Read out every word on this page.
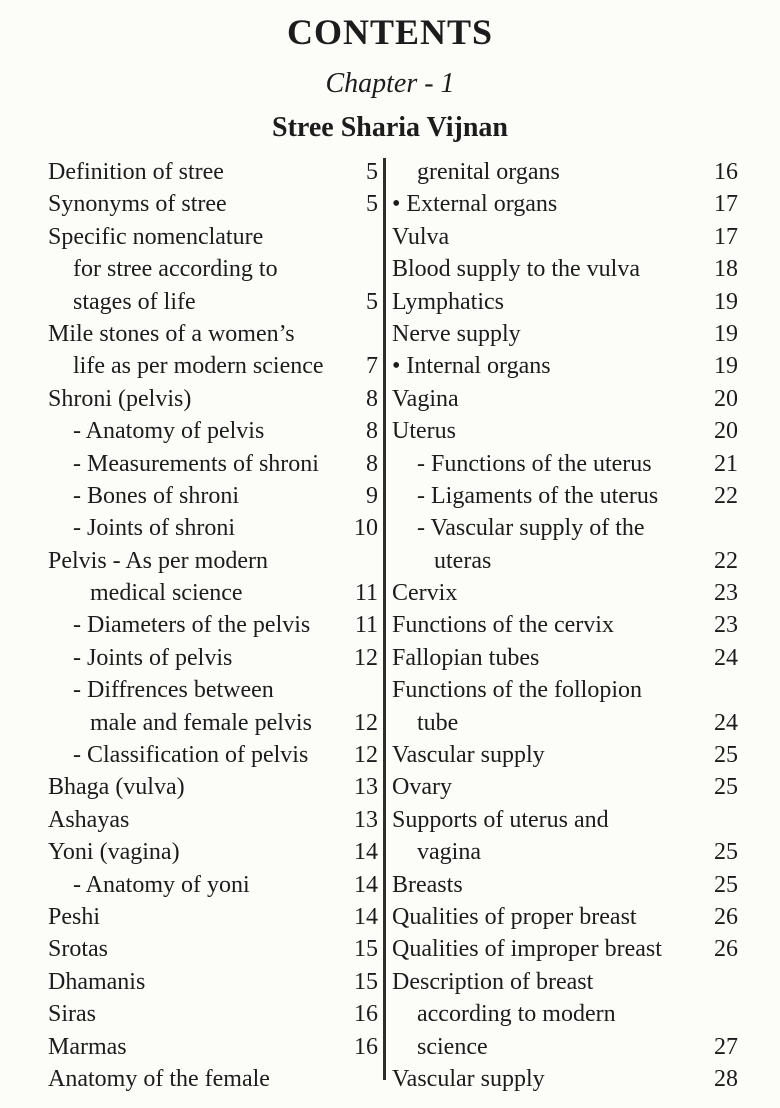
CONTENTS
Chapter - 1
Stree Sharia Vijnan
Definition of stree	5
Synonyms of stree	5
Specific nomenclature
for stree according to
stages of life	5
Mile stones of a women’s
life as per modern science 7
Shroni (pelvis)	8
- Anatomy of pelvis	8
- Measurements of shroni 8
- Bones of shroni	9
- Joints of shroni	10
Pelvis - As per modern
medical science	11
- Diameters of the pelvis 11
- Joints of pelvis	12
- Diffrences between
male and female pelvis 12
- Classification of pelvis 12
Bhaga (vulva)	13
Ashayas	13
Yoni (vagina)	14
- Anatomy of yoni	14
Peshi	14
Srotas	15
Dhamanis	15
Siras	16
Marmas	16
Anatomy of the female
grenital organs	16
• External organs	17
Vulva	17
Blood supply to the vulva	18
Lymphatics	19
Nerve supply	19
• Internal organs	19
Vagina	20
Uterus	20
- Functions of the uterus	21
- Ligaments of the uterus 22
- Vascular supply of the
uteras	22
Cervix	23
Functions of the cervix	23
Fallopian tubes	24
Functions of the follopion
tube	24
Vascular supply	25
Ovary	25
Supports of uterus and
vagina	25
Breasts	25
Qualities of proper breast	26
Qualities of improper breast 26
Description of breast
according to modern
science	27
Vascular supply	28
